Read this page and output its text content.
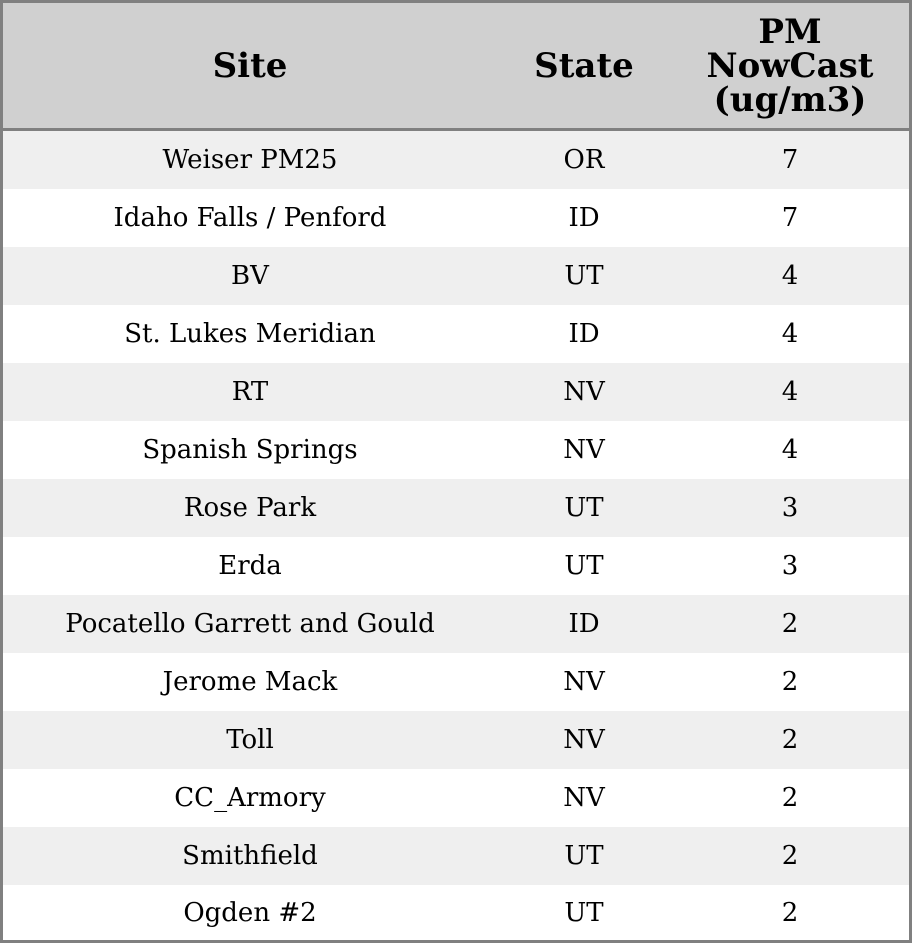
Site	State	PM
NowCast
(ug/m3)

Weiser PM25	OR	7
Idaho Falls / Penford	ID	7
BV	UT	4
St. Lukes Meridian	ID	4
RT	NV	4
Spanish Springs	NV	4
Rose Park	UT	3
Erda	UT	3
Pocatello Garrett and Gould	ID	2
Jerome Mack	NV	2
Toll	NV	2
CC_Armory	NV	2
Smithfield	UT	2
Ogden #2	UT	2
